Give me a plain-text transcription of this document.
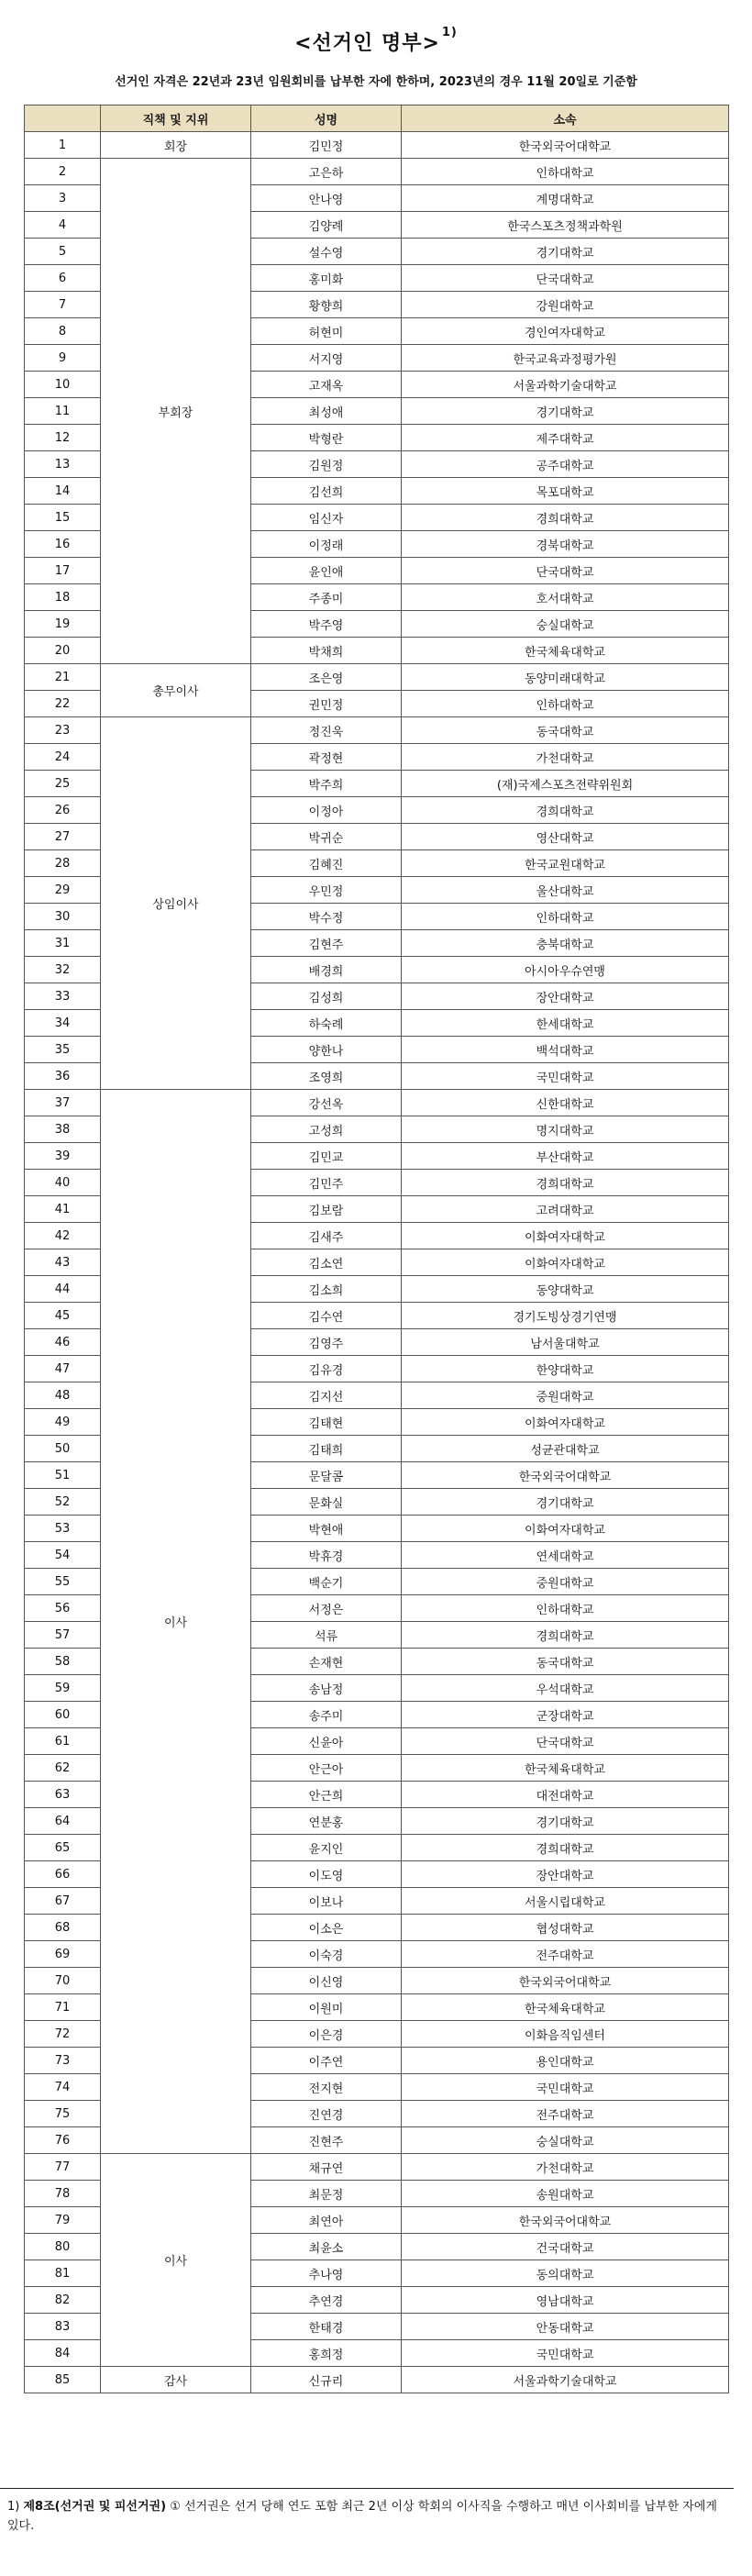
<선거인 명부> $^{1)}$
선거인 자격은 22년과 23년 임원회비를 납부한 자에 한하며, 2023년의 경우 11월 20일로 기준함
	직책 및 지위	성명	소속
1	회장	김민정	한국외국어대학교
2	부회장	고은하	인하대학교
3		안나영	계명대학교
4		김양례	한국스포츠정책과학원
5		설수영	경기대학교
6		홍미화	단국대학교
7		황향희	강원대학교
8		허현미	경인여자대학교
9		서지영	한국교육과정평가원
10		고재옥	서울과학기술대학교
11		최성애	경기대학교
12		박형란	제주대학교
13		김원정	공주대학교
14		김선희	목포대학교
15		임신자	경희대학교
16		이정래	경북대학교
17		윤인애	단국대학교
18		주종미	호서대학교
19		박주영	숭실대학교
20		박채희	한국체육대학교
21	총무이사	조은영	동양미래대학교
22		권민정	인하대학교
23	상임이사	정진욱	동국대학교
24		곽정현	가천대학교
25		박주희	(재)국제스포츠전략위원회
26		이정아	경희대학교
27		박귀순	영산대학교
28		김혜진	한국교원대학교
29		우민정	울산대학교
30		박수정	인하대학교
31		김현주	충북대학교
32		배경희	아시아우슈연맹
33		김성희	장안대학교
34		하숙례	한세대학교
35		양한나	백석대학교
36		조영희	국민대학교
37	이사	강선옥	신한대학교
38		고성희	명지대학교
39		김민교	부산대학교
40		김민주	경희대학교
41		김보람	고려대학교
42		김새주	이화여자대학교
43		김소연	이화여자대학교
44		김소희	동양대학교
45		김수연	경기도빙상경기연맹
46		김영주	남서울대학교
47		김유경	한양대학교
48		김지선	중원대학교
49		김태현	이화여자대학교
50		김태희	성균관대학교
51		문달콤	한국외국어대학교
52		문화실	경기대학교
53		박현애	이화여자대학교
54		박휴경	연세대학교
55		백순기	중원대학교
56		서정은	인하대학교
57		석류	경희대학교
58		손재현	동국대학교
59		송남정	우석대학교
60		송주미	군장대학교
61		신윤아	단국대학교
62		안근아	한국체육대학교
63		안근희	대전대학교
64		연분홍	경기대학교
65		윤지인	경희대학교
66		이도영	장안대학교
67		이보나	서울시립대학교
68		이소은	협성대학교
69		이숙경	전주대학교
70		이신영	한국외국어대학교
71		이원미	한국체육대학교
72		이은경	이화음직임센터
73		이주연	용인대학교
74		전지현	국민대학교
75		진연경	전주대학교
76		진현주	숭실대학교
77	이사	채규연	가천대학교
78		최문정	송원대학교
79		최연아	한국외국어대학교
80		최윤소	건국대학교
81		추나영	동의대학교
82		추연경	영남대학교
83		한태경	안동대학교
84		홍희정	국민대학교
85	감사	신규리	서울과학기술대학교
1) 제8조(선거권 및 피선거권) ① 선거권은 선거 당해 연도 포함 최근 2년 이상 학회의 이사직을 수행하고 매년 이사회비를 납부한 자에게 있다.
